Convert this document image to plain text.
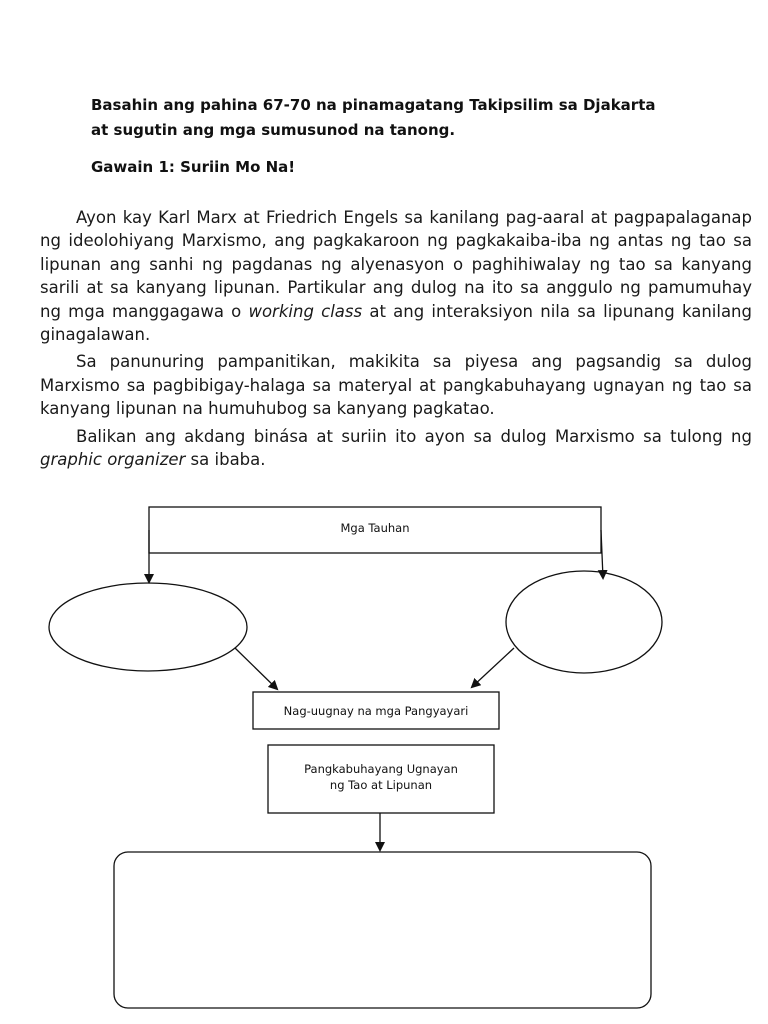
Basahin ang pahina 67-70 na pinamagatang Takipsilim sa Djakarta
at sugutin ang mga sumusunod na tanong.
Gawain 1: Suriin Mo Na!

Ayon kay Karl Marx at Friedrich Engels sa kanilang pag-aaral at pagpapalaganap ng ideolohiyang Marxismo, ang pagkakaroon ng pagkakaiba-iba ng antas ng tao sa lipunan ang sanhi ng pagdanas ng alyenasyon o paghihiwalay ng tao sa kanyang sarili at sa kanyang lipunan. Partikular ang dulog na ito sa anggulo ng pamumuhay ng mga manggagawa o working class at ang interaksiyon nila sa lipunang kanilang ginagalawan.

Sa panunuring pampanitikan, makikita sa piyesa ang pagsandig sa dulog Marxismo sa pagbibigay-halaga sa materyal at pangkabuhayang ugnayan ng tao sa kanyang lipunan na humuhubog sa kanyang pagkatao.

Balikan ang akdang binása at suriin ito ayon sa dulog Marxismo sa tulong ng graphic organizer sa ibaba.

Mga Tauhan
Nag-uugnay na mga Pangyayari
Pangkabuhayang Ugnayan
ng Tao at Lipunan
